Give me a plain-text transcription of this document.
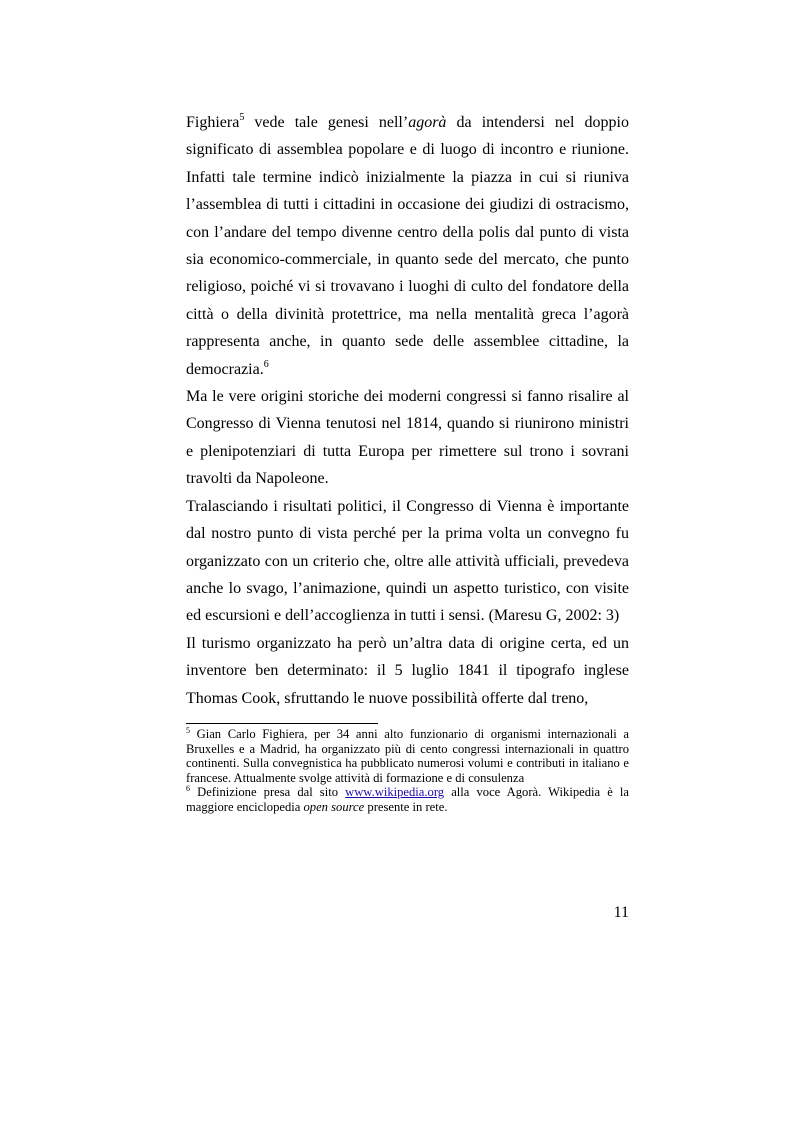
Fighiera$^5$ vede tale genesi nell’agorà da intendersi nel doppio significato di assemblea popolare e di luogo di incontro e riunione. Infatti tale termine indicò inizialmente la piazza in cui si riuniva l’assemblea di tutti i cittadini in occasione dei giudizi di ostracismo, con l’andare del tempo divenne centro della polis dal punto di vista sia economico-commerciale, in quanto sede del mercato, che punto religioso, poiché vi si trovavano i luoghi di culto del fondatore della città o della divinità protettrice, ma nella mentalità greca l’agorà rappresenta anche, in quanto sede delle assemblee cittadine, la democrazia.$^6$

Ma le vere origini storiche dei moderni congressi si fanno risalire al Congresso di Vienna tenutosi nel 1814, quando si riunirono ministri e plenipotenziari di tutta Europa per rimettere sul trono i sovrani travolti da Napoleone.

Tralasciando i risultati politici, il Congresso di Vienna è importante dal nostro punto di vista perché per la prima volta un convegno fu organizzato con un criterio che, oltre alle attività ufficiali, prevedeva anche lo svago, l’animazione, quindi un aspetto turistico, con visite ed escursioni e dell’accoglienza in tutti i sensi. (Maresu G, 2002: 3)

Il turismo organizzato ha però un’altra data di origine certa, ed un inventore ben determinato: il 5 luglio 1841 il tipografo inglese Thomas Cook, sfruttando le nuove possibilità offerte dal treno,

$^5$ Gian Carlo Fighiera, per 34 anni alto funzionario di organismi internazionali a Bruxelles e a Madrid, ha organizzato più di cento congressi internazionali in quattro continenti. Sulla convegnistica ha pubblicato numerosi volumi e contributi in italiano e francese. Attualmente svolge attività di formazione e di consulenza

$^6$ Definizione presa dal sito www.wikipedia.org alla voce Agorà. Wikipedia è la maggiore enciclopedia open source presente in rete.

11
